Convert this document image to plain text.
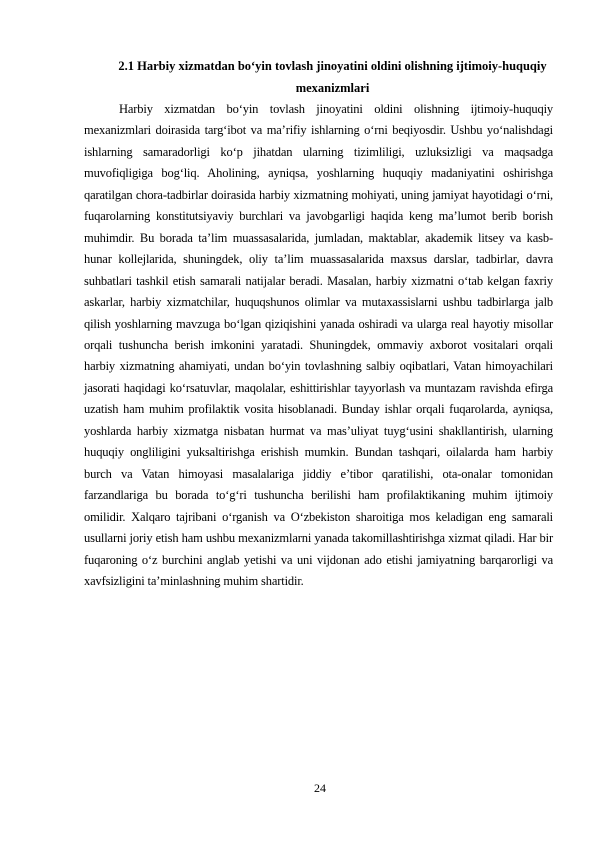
2.1 Harbiy xizmatdan bo‘yin tovlash jinoyatini oldini olishning ijtimoiy-huquqiy mexanizmlari

Harbiy xizmatdan bo‘yin tovlash jinoyatini oldini olishning ijtimoiy-huquqiy mexanizmlari doirasida targ‘ibot va ma’rifiy ishlarning o‘rni beqiyosdir. Ushbu yo‘nalishdagi ishlarning samaradorligi ko‘p jihatdan ularning tizimliligi, uzluksizligi va maqsadga muvofiqligiga bog‘liq. Aholining, ayniqsa, yoshlarning huquqiy madaniyatini oshirishga qaratilgan chora-tadbirlar doirasida harbiy xizmatning mohiyati, uning jamiyat hayotidagi o‘rni, fuqarolarning konstitutsiyaviy burchlari va javobgarligi haqida keng ma’lumot berib borish muhimdir. Bu borada ta’lim muassasalarida, jumladan, maktablar, akademik litsey va kasb-hunar kollejlarida, shuningdek, oliy ta’lim muassasalarida maxsus darslar, tadbirlar, davra suhbatlari tashkil etish samarali natijalar beradi. Masalan, harbiy xizmatni o‘tab kelgan faxriy askarlar, harbiy xizmatchilar, huquqshunos olimlar va mutaxassislarni ushbu tadbirlarga jalb qilish yoshlarning mavzuga bo‘lgan qiziqishini yanada oshiradi va ularga real hayotiy misollar orqali tushuncha berish imkonini yaratadi. Shuningdek, ommaviy axborot vositalari orqali harbiy xizmatning ahamiyati, undan bo‘yin tovlashning salbiy oqibatlari, Vatan himoyachilari jasorati haqidagi ko‘rsatuvlar, maqolalar, eshittirishlar tayyorlash va muntazam ravishda efirga uzatish ham muhim profilaktik vosita hisoblanadi. Bunday ishlar orqali fuqarolarda, ayniqsa, yoshlarda harbiy xizmatga nisbatan hurmat va mas’uliyat tuyg‘usini shakllantirish, ularning huquqiy ongliligini yuksaltirishga erishish mumkin. Bundan tashqari, oilalarda ham harbiy burch va Vatan himoyasi masalalariga jiddiy e’tibor qaratilishi, ota-onalar tomonidan farzandlariga bu borada to‘g‘ri tushuncha berilishi ham profilaktikaning muhim ijtimoiy omilidir. Xalqaro tajribani o‘rganish va O‘zbekiston sharoitiga mos keladigan eng samarali usullarni joriy etish ham ushbu mexanizmlarni yanada takomillashtirishga xizmat qiladi. Har bir fuqaroning o‘z burchini anglab yetishi va uni vijdonan ado etishi jamiyatning barqarorligi va xavfsizligini ta’minlashning muhim shartidir.

24
